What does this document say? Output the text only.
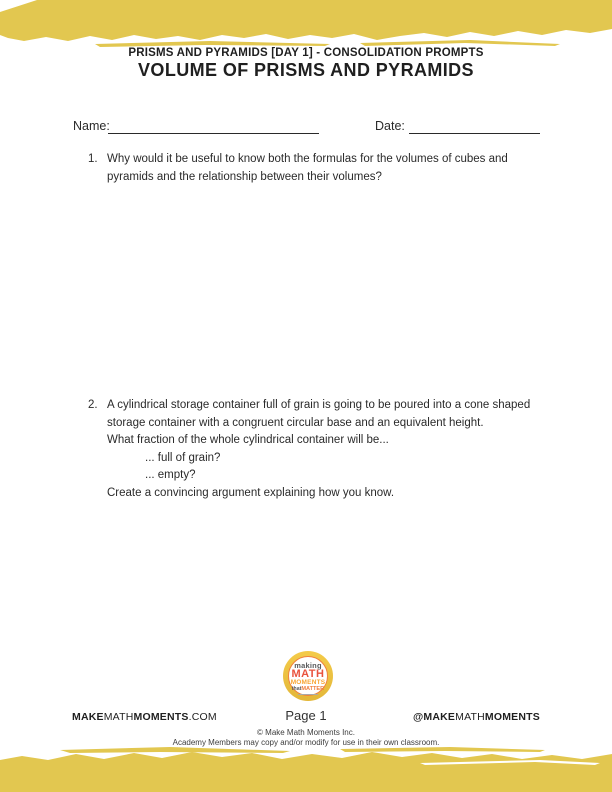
PRISMS AND PYRAMIDS [DAY 1] - CONSOLIDATION PROMPTS
VOLUME OF PRISMS AND PYRAMIDS
Name:	Date:
1. Why would it be useful to know both the formulas for the volumes of cubes and pyramids and the relationship between their volumes?

2. A cylindrical storage container full of grain is going to be poured into a cone shaped storage container with a congruent circular base and an equivalent height.

What fraction of the whole cylindrical container will be...

... full of grain?

... empty?

Create a convincing argument explaining how you know.

making
MATH
MOMENTS
thatMATTER
MAKEMATHMOMENTS.COM	Page 1	@MAKEMATHMOMENTS
© Make Math Moments Inc.
Academy Members may copy and/or modify for use in their own classroom.
